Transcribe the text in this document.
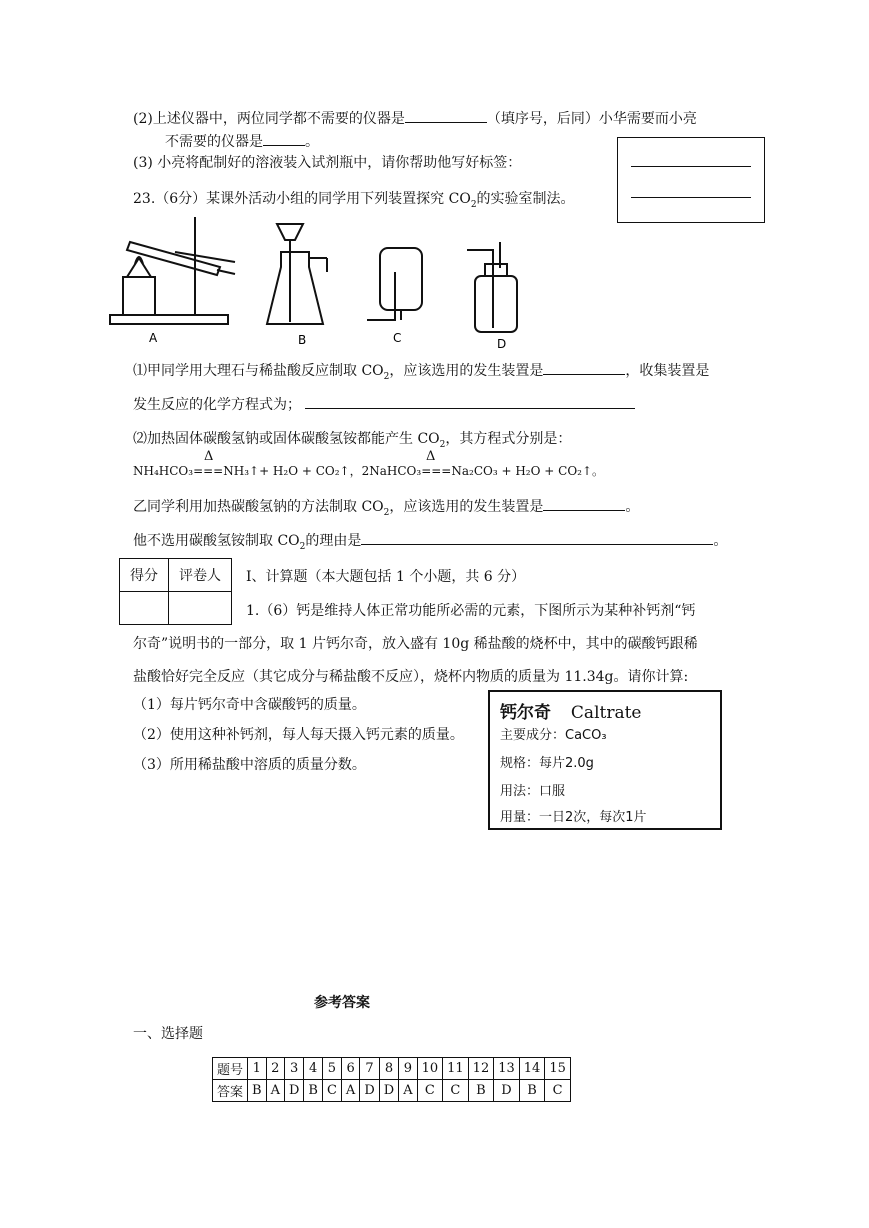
(2)上述仪器中，两位同学都不需要的仪器是	（填序号，后同）小华需要而小亮
不需要的仪器是	。
(3) 小亮将配制好的溶液装入试剂瓶中，请你帮助他写好标签：
23.（6分）某课外活动小组的同学用下列装置探究 $CO_2$的实验室制法。
A	B	C	D
⑴甲同学用大理石与稀盐酸反应制取 $CO_2$，应该选用的发生装置是	，收集装置是
发生反应的化学方程式为；
⑵加热固体碳酸氢钠或固体碳酸氢铵都能产生 $CO_2$，其方程式分别是：
Δ	Δ
NH₄HCO₃===NH₃↑+ H₂O + CO₂↑，2NaHCO₃===Na₂CO₃ + H₂O + CO₂↑。
乙同学利用加热碳酸氢钠的方法制取 $CO_2$，应该选用的发生装置是	。
他不选用碳酸氢铵制取 $CO_2$的理由是	。
得分	评卷人
	I、计算题（本大题包括 1 个小题，共 6 分）
1.（6）钙是维持人体正常功能所必需的元素，下图所示为某种补钙剂“钙
尔奇”说明书的一部分，取 1 片钙尔奇，放入盛有 10g 稀盐酸的烧杯中，其中的碳酸钙跟稀
盐酸恰好完全反应（其它成分与稀盐酸不反应），烧杯内物质的质量为 11.34g。请你计算:
（1）每片钙尔奇中含碳酸钙的质量。
（2）使用这种补钙剂，每人每天摄入钙元素的质量。
（3）所用稀盐酸中溶质的质量分数。
钙尔奇 Caltrate
主要成分：CaCO₃
规格：每片2.0g
用法：口服
用量：一日2次，每次1片
参考答案
一、选择题
题号	1	2	3	4	5	6	7	8	9	10	11	12	13	14	15
答案	B	A	D	B	C	A	D	D	A	C	C	B	D	B	C
